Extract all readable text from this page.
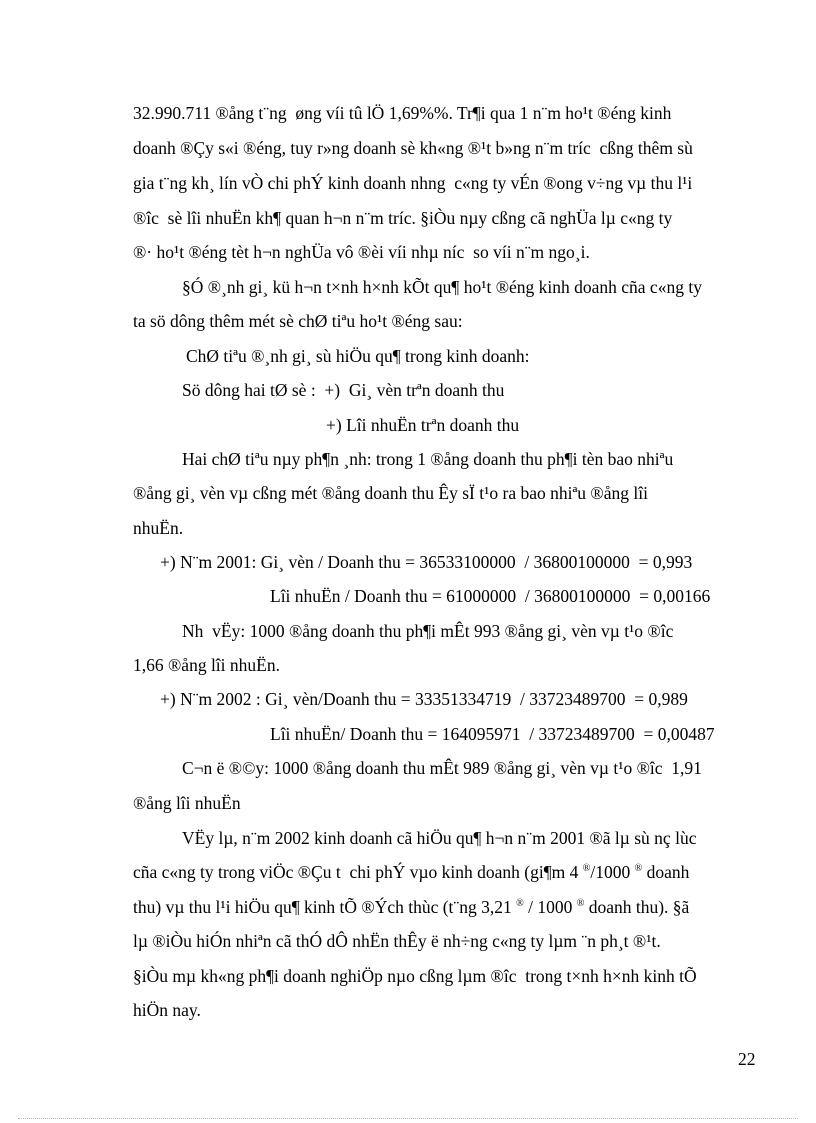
32.990.711 ®ång t¨ng  øng víi tû lÖ 1,69%%. Tr¶i qua 1 n¨m ho¹t ®éng kinh
doanh ®Çy s«i ®éng, tuy r»ng doanh sè kh«ng ®¹t b»ng n¨m tríc  cßng thêm sù
gia t¨ng kh¸ lín vÒ chi phÝ kinh doanh nhng  c«ng ty vÉn ®ong v÷ng vµ thu l¹i
®îc  sè lîi nhuËn kh¶ quan h¬n n¨m tríc. §iÒu nµy cßng cã nghÜa lµ c«ng ty
®· ho¹t ®éng tèt h¬n nghÜa vô ®èi víi nhµ níc  so víi n¨m ngo¸i.
§Ó ®¸nh gi¸ kü h¬n t×nh h×nh kÕt qu¶ ho¹t ®éng kinh doanh cña c«ng ty
ta sö dông thêm mét sè chØ tiªu ho¹t ®éng sau:
ChØ tiªu ®¸nh gi¸ sù hiÖu qu¶ trong kinh doanh:
Sö dông hai tØ sè :  +)  Gi¸ vèn trªn doanh thu
+) Lîi nhuËn trªn doanh thu
Hai chØ tiªu nµy ph¶n ¸nh: trong 1 ®ång doanh thu ph¶i tèn bao nhiªu
®ång gi¸ vèn vµ cßng mét ®ång doanh thu Êy sÏ t¹o ra bao nhiªu ®ång lîi
nhuËn.
+) N¨m 2001: Gi¸ vèn / Doanh thu = 36533100000  / 36800100000  = 0,993
Lîi nhuËn / Doanh thu = 61000000  / 36800100000  = 0,00166
Nh  vËy: 1000 ®ång doanh thu ph¶i mÊt 993 ®ång gi¸ vèn vµ t¹o ®îc
1,66 ®ång lîi nhuËn.
+) N¨m 2002 : Gi¸ vèn/Doanh thu = 33351334719  / 33723489700  = 0,989
Lîi nhuËn/ Doanh thu = 164095971  / 33723489700  = 0,00487
C¬n ë ®©y: 1000 ®ång doanh thu mÊt 989 ®ång gi¸ vèn vµ t¹o ®îc  1,91
®ång lîi nhuËn
VËy lµ, n¨m 2002 kinh doanh cã hiÖu qu¶ h¬n n¨m 2001 ®ã lµ sù nç lùc
cña c«ng ty trong viÖc ®Çu t  chi phÝ vµo kinh doanh (gi¶m 4 ®/1000 ® doanh
thu) vµ thu l¹i hiÖu qu¶ kinh tÕ ®Ých thùc (t¨ng 3,21 ® / 1000 ® doanh thu). §ã
lµ ®iÒu hiÓn nhiªn cã thÓ dÔ nhËn thÊy ë nh÷ng c«ng ty lµm ¨n ph¸t ®¹t.
§iÒu mµ kh«ng ph¶i doanh nghiÖp nµo cßng lµm ®îc  trong t×nh h×nh kinh tÕ
hiÖn nay.
22
